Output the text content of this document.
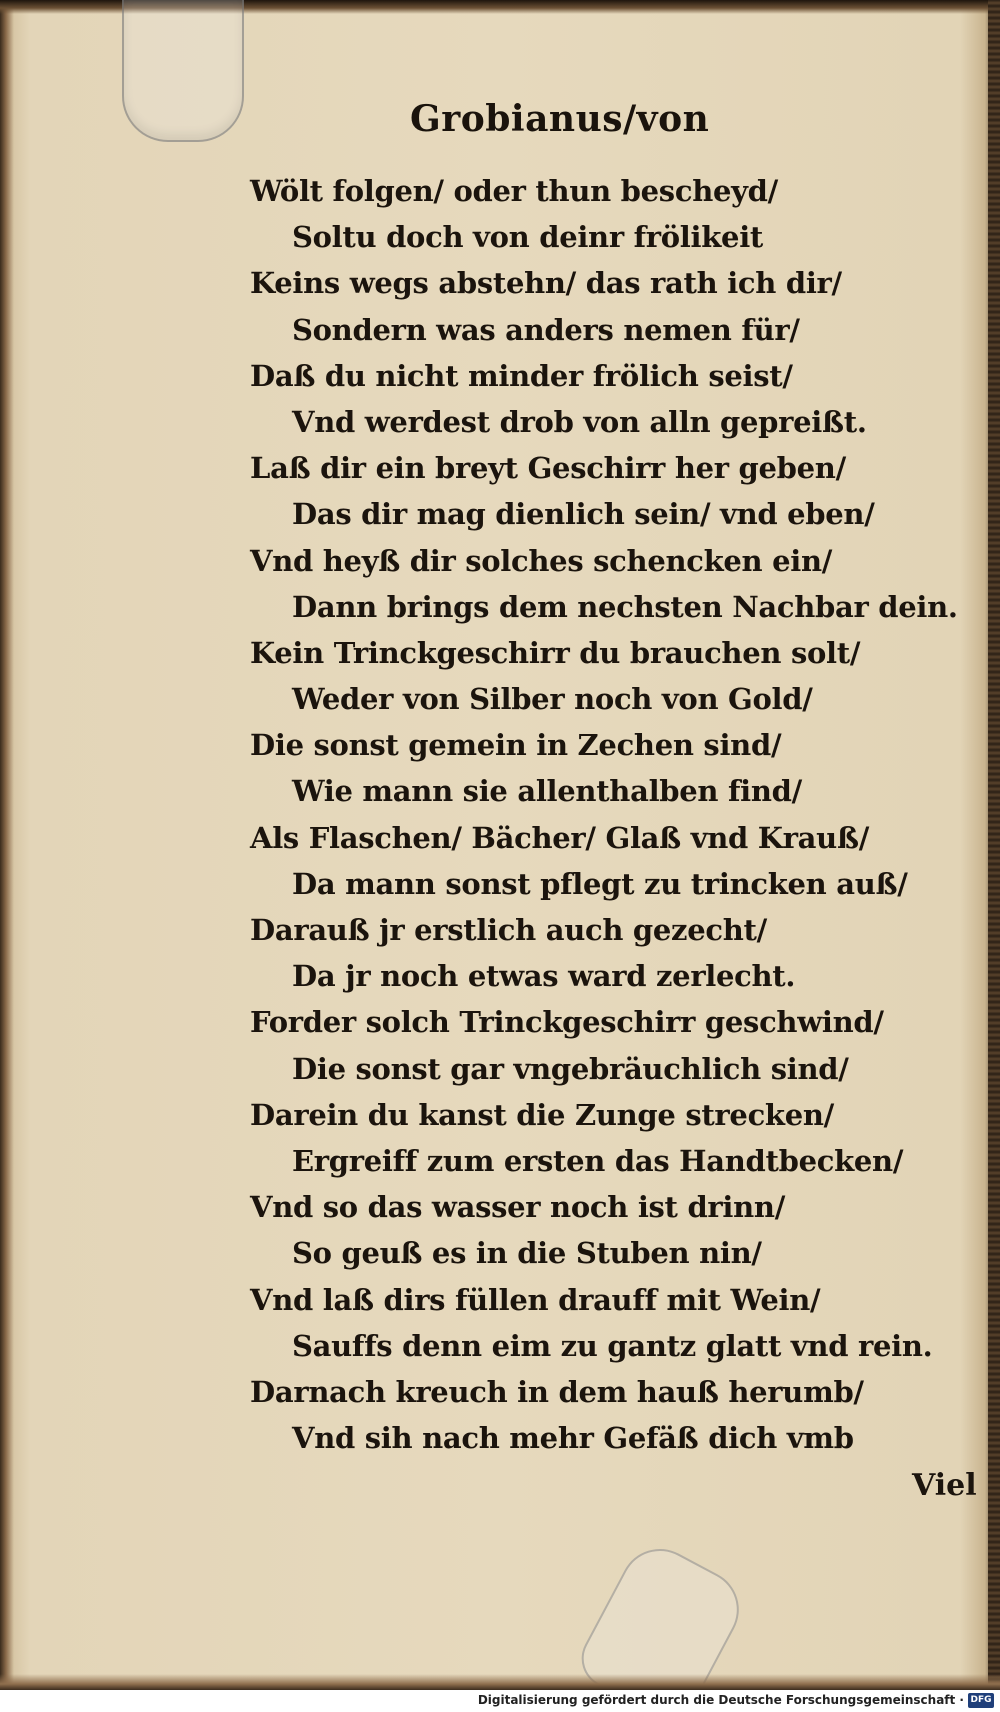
Grobianus/von
Wölt folgen/ oder thun bescheyd/
Soltu doch von deinr frölikeit
Keins wegs abstehn/ das rath ich dir/
Sondern was anders nemen für/
Daß du nicht minder frölich seist/
Vnd werdest drob von alln gepreißt.
Laß dir ein breyt Geschirr her geben/
Das dir mag dienlich sein/ vnd eben/
Vnd heyß dir solches schencken ein/
Dann brings dem nechsten Nachbar dein.
Kein Trinckgeschirr du brauchen solt/
Weder von Silber noch von Gold/
Die sonst gemein in Zechen sind/
Wie mann sie allenthalben find/
Als Flaschen/ Bächer/ Glaß vnd Krauß/
Da mann sonst pflegt zu trincken auß/
Darauß jr erstlich auch gezecht/
Da jr noch etwas ward zerlecht.
Forder solch Trinckgeschirr geschwind/
Die sonst gar vngebräuchlich sind/
Darein du kanst die Zunge strecken/
Ergreiff zum ersten das Handtbecken/
Vnd so das wasser noch ist drinn/
So geuß es in die Stuben nin/
Vnd laß dirs füllen drauff mit Wein/
Sauffs denn eim zu gantz glatt vnd rein.
Darnach kreuch in dem hauß herumb/
Vnd sih nach mehr Gefäß dich vmb
Viel
Digitalisierung gefördert durch die Deutsche Forschungsgemeinschaft · DFG
